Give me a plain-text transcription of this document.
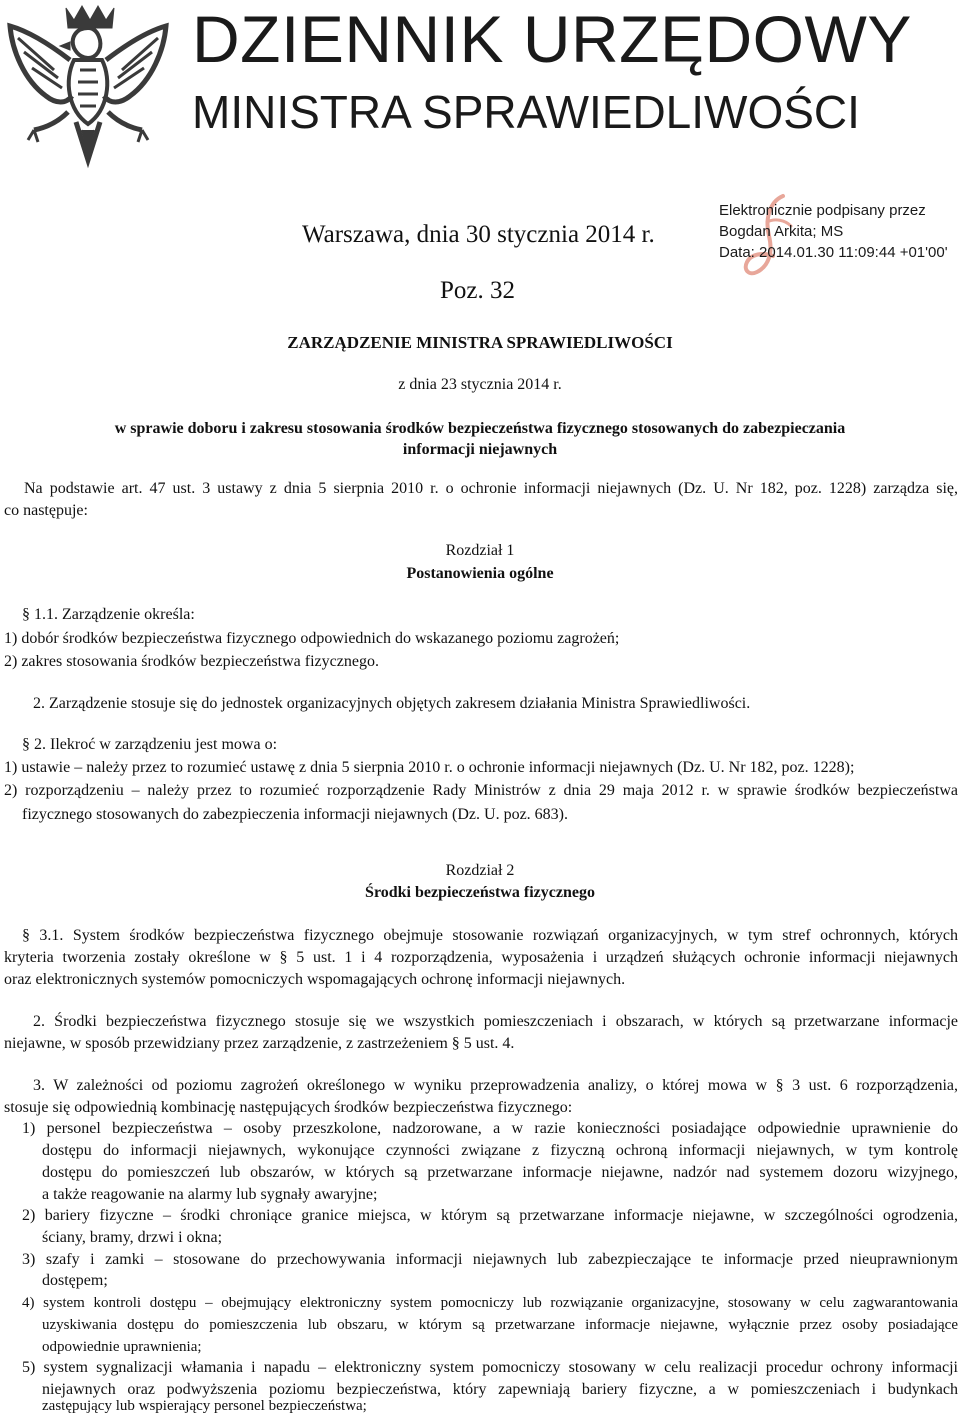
DZIENNIK URZĘDOWY
MINISTRA SPRAWIEDLIWOŚCI
Warszawa, dnia 30 stycznia 2014 r.
Poz. 32
Elektronicznie podpisany przez
Bogdan Arkita; MS
Data: 2014.01.30 11:09:44 +01'00'
ZARZĄDZENIE MINISTRA SPRAWIEDLIWOŚCI
z dnia 23 stycznia 2014 r.
w sprawie doboru i zakresu stosowania środków bezpieczeństwa fizycznego stosowanych do zabezpieczania
informacji niejawnych
Na podstawie art. 47 ust. 3 ustawy z dnia 5 sierpnia 2010 r. o ochronie informacji niejawnych (Dz. U. Nr 182, poz. 1228) zarządza się,
co następuje:
Rozdział 1
Postanowienia ogólne
§ 1.1. Zarządzenie określa:
1) dobór środków bezpieczeństwa fizycznego odpowiednich do wskazanego poziomu zagrożeń;
2) zakres stosowania środków bezpieczeństwa fizycznego.
2. Zarządzenie stosuje się do jednostek organizacyjnych objętych zakresem działania Ministra Sprawiedliwości.
§ 2. Ilekroć w zarządzeniu jest mowa o:
1) ustawie – należy przez to rozumieć ustawę z dnia 5 sierpnia 2010 r. o ochronie informacji niejawnych (Dz. U. Nr 182, poz. 1228);
2) rozporządzeniu – należy przez to rozumieć rozporządzenie Rady Ministrów z dnia 29 maja 2012 r. w sprawie środków bezpieczeństwa
fizycznego stosowanych do zabezpieczenia informacji niejawnych (Dz. U. poz. 683).
Rozdział 2
Środki bezpieczeństwa fizycznego
§ 3.1. System środków bezpieczeństwa fizycznego obejmuje stosowanie rozwiązań organizacyjnych, w tym stref ochronnych, których
kryteria tworzenia zostały określone w § 5 ust. 1 i 4 rozporządzenia, wyposażenia i urządzeń służących ochronie informacji niejawnych
oraz elektronicznych systemów pomocniczych wspomagających ochronę informacji niejawnych.
2. Środki bezpieczeństwa fizycznego stosuje się we wszystkich pomieszczeniach i obszarach, w których są przetwarzane informacje
niejawne, w sposób przewidziany przez zarządzenie, z zastrzeżeniem § 5 ust. 4.
3. W zależności od poziomu zagrożeń określonego w wyniku przeprowadzenia analizy, o której mowa w § 3 ust. 6 rozporządzenia,
stosuje się odpowiednią kombinację następujących środków bezpieczeństwa fizycznego:
1) personel bezpieczeństwa – osoby przeszkolone, nadzorowane, a w razie konieczności posiadające odpowiednie uprawnienie do
dostępu do informacji niejawnych, wykonujące czynności związane z fizyczną ochroną informacji niejawnych, w tym kontrolę
dostępu do pomieszczeń lub obszarów, w których są przetwarzane informacje niejawne, nadzór nad systemem dozoru wizyjnego,
a także reagowanie na alarmy lub sygnały awaryjne;
2) bariery fizyczne – środki chroniące granice miejsca, w którym są przetwarzane informacje niejawne, w szczególności ogrodzenia,
ściany, bramy, drzwi i okna;
3) szafy i zamki – stosowane do przechowywania informacji niejawnych lub zabezpieczające te informacje przed nieuprawnionym
dostępem;
4) system kontroli dostępu – obejmujący elektroniczny system pomocniczy lub rozwiązanie organizacyjne, stosowany w celu zagwarantowania
uzyskiwania dostępu do pomieszczenia lub obszaru, w którym są przetwarzane informacje niejawne, wyłącznie przez osoby posiadające
odpowiednie uprawnienia;
5) system sygnalizacji włamania i napadu – elektroniczny system pomocniczy stosowany w celu realizacji procedur ochrony informacji
niejawnych oraz podwyższenia poziomu bezpieczeństwa, który zapewniają bariery fizyczne, a w pomieszczeniach i budynkach
zastępujący lub wspierający personel bezpieczeństwa;
